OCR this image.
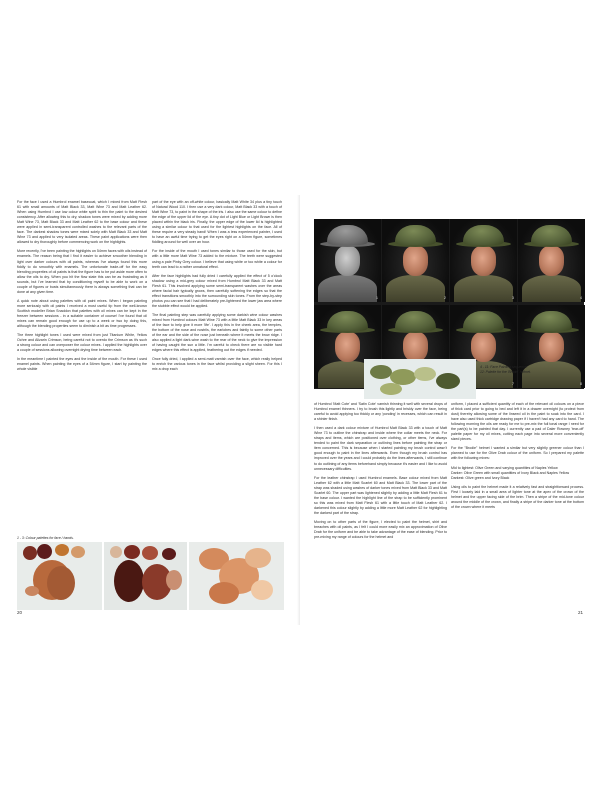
For the face I used a Humbrol enamel basecoat, which I mixed from Matt Flesh 61 with small amounts of Matt Black 33, Matt Wine 73 and Matt Leather 62. When using Humbrol I use low odour white spirit to thin the paint to the desired consistency. After allowing this to dry, shadow tones were mixed by adding more Matt Wine 73, Matt Black 33 and Matt Leather 62 to the base colour and these were applied in semi-transparent controlled washes to the relevant parts of the face. The darkest shadow tones were mixed solely with Matt Black 33 and Matt Wine 73 and applied to very isolated areas. These paint applications were then allowed to dry thoroughly before commencing work on the highlights.

More recently, I've been painting the highlights on 54mm faces with oils instead of enamels. The reason being that I find it easier to achieve smoother blending in light over darker colours with oil paints, whereas I've always found this more fiddly to do smoothly with enamels. The unfortunate trade-off for the easy blending properties of oil paints is that the figure has to be put aside more often to allow the oils to dry. When you hit the flow state this can be as frustrating as it sounds, but I've learned that by conditioning myself to be able to work on a couple of figures or busts simultaneously there is always something that can be done at any given time.

A quick note about using palettes with oil paint mixes. When I began painting more seriously with oil paints I received a most useful tip from the well-known Scottish modeller Brian Snaddon that palettes with oil mixes can be kept in the freezer between sessions - in a suitable container of course! I've found that oil mixes can remain good enough for use up to a week or two by doing this, although the blending properties seem to diminish a bit as time progresses.

The three highlight tones I used were mixed from just Titanium White, Yellow Ochre and Alizarin Crimson, being careful not to overdo the Crimson as it's such a strong colour and can overpower the colour mixes. I applied the highlights over a couple of sessions allowing overnight drying time between each.

In the meantime I painted the eyes and the inside of the mouth. For these I used enamel paints. When painting the eyes of a 54mm figure, I start by painting the whole visible

part of the eye with an off-white colour, basically Matt White 34 plus a tiny touch of Natural Wood 110. I then use a very dark colour, Matt Black 33 with a touch of Matt Wine 73, to paint in the shape of the iris. I also use the same colour to define the edge of the upper lid of the eye. A tiny dot of Light Blue or Light Brown is then placed within the black iris. Finally, the upper edge of the lower lid is highlighted using a similar colour to that used for the lightest highlights on the face. All of these require a very steady hand! When I was a less experienced painter, I used to have an awful time trying to get the eyes right on a 54mm figure, sometimes fiddling around for well over an hour.

For the inside of the mouth I used tones similar to those used for the skin, but with a little more Matt Wine 73 added to the mixture. The teeth were suggested using a pale Pinky Grey colour. I believe that using white or too white a colour for teeth can lead to a rather unnatural effect.

After the face highlights had fully dried I carefully applied the effect of 5 o'clock shadow using a mid-grey colour mixed from Humbrol Matt Black 33 and Matt Flesh 61. This involved applying some semi-transparent washes over the areas where facial hair typically grows, then carefully softening the edges so that the effect transitions smoothly into the surrounding skin tones. From the step-by-step photos you can see that I had deliberately pre-lightened the lower jaw area where the stubble effect would be applied.

The final painting step was carefully applying some darkish wine colour washes mixed from Humbrol colours Matt Wine 73 with a little Matt Black 33 in key areas of the face to help give it more 'life'. I apply this in the cheek area, the temples, the bottom of the nose and nostrils, the earlobes and faintly to some other parts of the ear and the side of the nose just beneath where it meets the brow ridge. I also applied a light dark-wine wash to the rear of the neck to give the impression of having caught the sun a little. I'm careful to check there are no visible hard edges where this effect is applied, feathering out the edges if needed.

Once fully dried, I applied a semi-matt varnish over the face, which really helped to enrich the various tones in the face whilst providing a slight sheen. For this I mix a drop each

1 - 3: Colour palettes for face / hands.
20
1	2	3	4
7	8
4 - 11: Face Painting sequence.
12: Palette for the 'Brodie' helmet.

of Humbrol 'Matt Cote' and 'Satin Cote' varnish thinning it well with several drops of Humbrol enamel thinners. I try to brush this lightly and briskly over the face, being careful to avoid applying too thickly or any 'ponding' in recesses, which can result in a shinier finish.

I then used a dark colour mixture of Humbrol Matt Black 33 with a touch of Matt Wine 73 to outline the chinstrap and inside where the collar meets the neck. For straps and items, which are positioned over clothing, or other items, I've always tended to paint the dark separation or outlining lines before painting the strap or item concerned. This is because when I started painting my brush control wasn't good enough to paint in the lines afterwards. Even though my brush control has improved over the years and I could probably do the lines afterwards, I still continue to do outlining of any items beforehand simply because it's easier and I like to avoid unnecessary difficulties.

For the leather chinstrap I used Humbrol enamels. Base colour mixed from Matt Leather 62 with a little Matt Scarlet 60 and Matt Black 33. The lower part of the strap was shaded using washes of darker tones mixed from Matt Black 33 and Matt Scarlet 60. The upper part was lightened slightly by adding a little Matt Flesh 61 to the base colour. I wanted the highlight line of the strap to be sufficiently prominent so this was mixed from Matt Flesh 61 with a little touch of Matt Leather 62. I darkened this colour slightly by adding a little more Matt Leather 62 for highlighting the darkest part of the strap.

Moving on to other parts of the figure, I elected to paint the helmet, shirt and breaches with oil paints, as I felt I could more easily mix an approximation of Olive Drab for the uniform and be able to take advantage of the ease of blending. Prior to pre-mixing my range of colours for the helmet and

uniform, I placed a sufficient quantity of each of the relevant oil colours on a piece of thick card prior to going to bed and left it in a drawer overnight (to protect from dust) thereby allowing some of the linseed oil in the paint to soak into the card. I have also used thick cartridge drawing paper if I haven't had any card to hand. The following morning the oils are ready for me to pre-mix the full tonal range I need for the part(s) to be painted that day. I currently use a pad of Daler Rowney 'tear-off' palette paper for my oil mixes, cutting each page into several more conveniently sized pieces.

For the "Brodie" helmet I wanted a similar but very slightly greener colour than I planned to use for the Olive Drab colour of the uniform. So I prepared my palette with the following mixes:

Mid to lightest: Olive Green and varying quantities of Naples Yellow

Darker: Olive Green with small quantities of Ivory Black and Naples Yellow

Darkest: Olive green and Ivory Black

Using oils to paint the helmet made it a relatively fast and straightforward process. First I loosely laid in a small area of lighter tone at the apex of the crown of the helmet and the upper facing side of the brim. Then a stripe of the mid-tone colour around the middle of the crown, and finally a stripe of the darker tone at the bottom of the crown where it meets

21
